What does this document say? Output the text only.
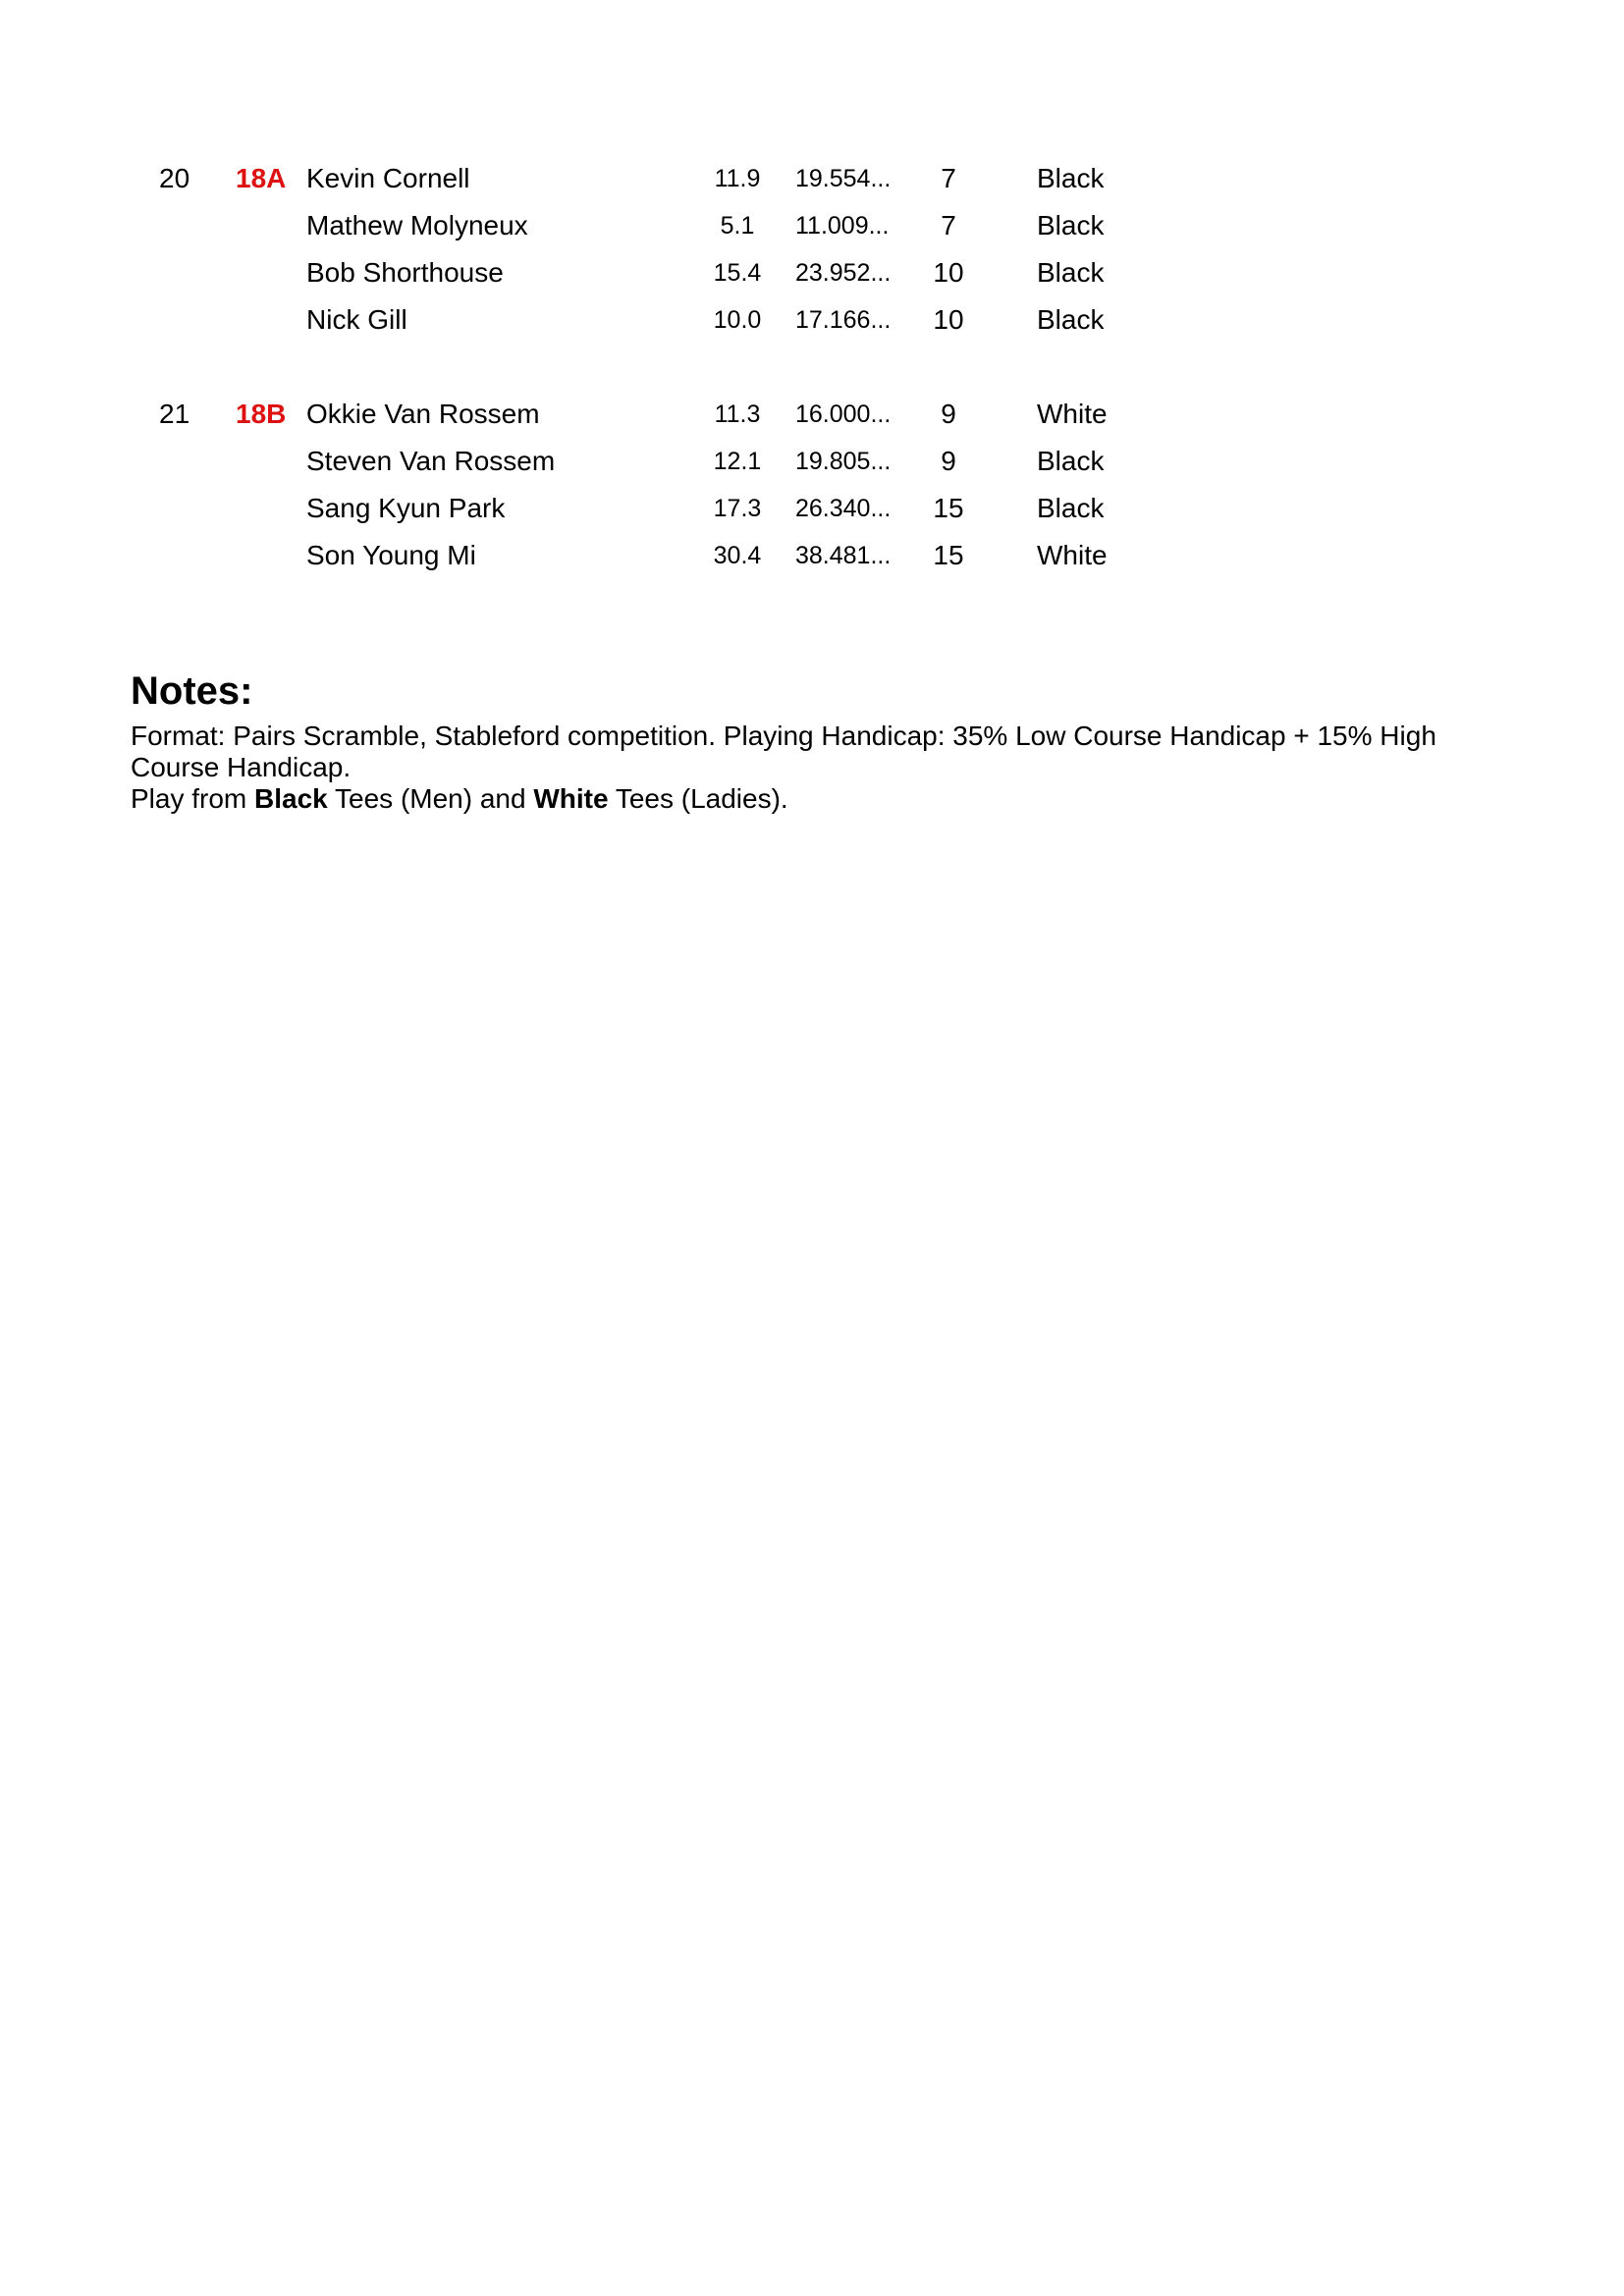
20 18A Kevin Cornell	11.9 19.554...	7	Black
Mathew Molyneux	5.1	11.009...	7	Black
Bob Shorthouse	15.4 23.952...	10	Black
Nick Gill	10.0 17.166...	10	Black
21 18B Okkie Van Rossem	11.3 16.000...	9	White
Steven Van Rossem	12.1 19.805...	9	Black
Sang Kyun Park	17.3 26.340...	15	Black
Son Young Mi	30.4 38.481...	15	White
Notes:

Format: Pairs Scramble, Stableford competition. Playing Handicap: 35% Low Course Handicap + 15% High Course Handicap.

Play from Black Tees (Men) and White Tees (Ladies).
